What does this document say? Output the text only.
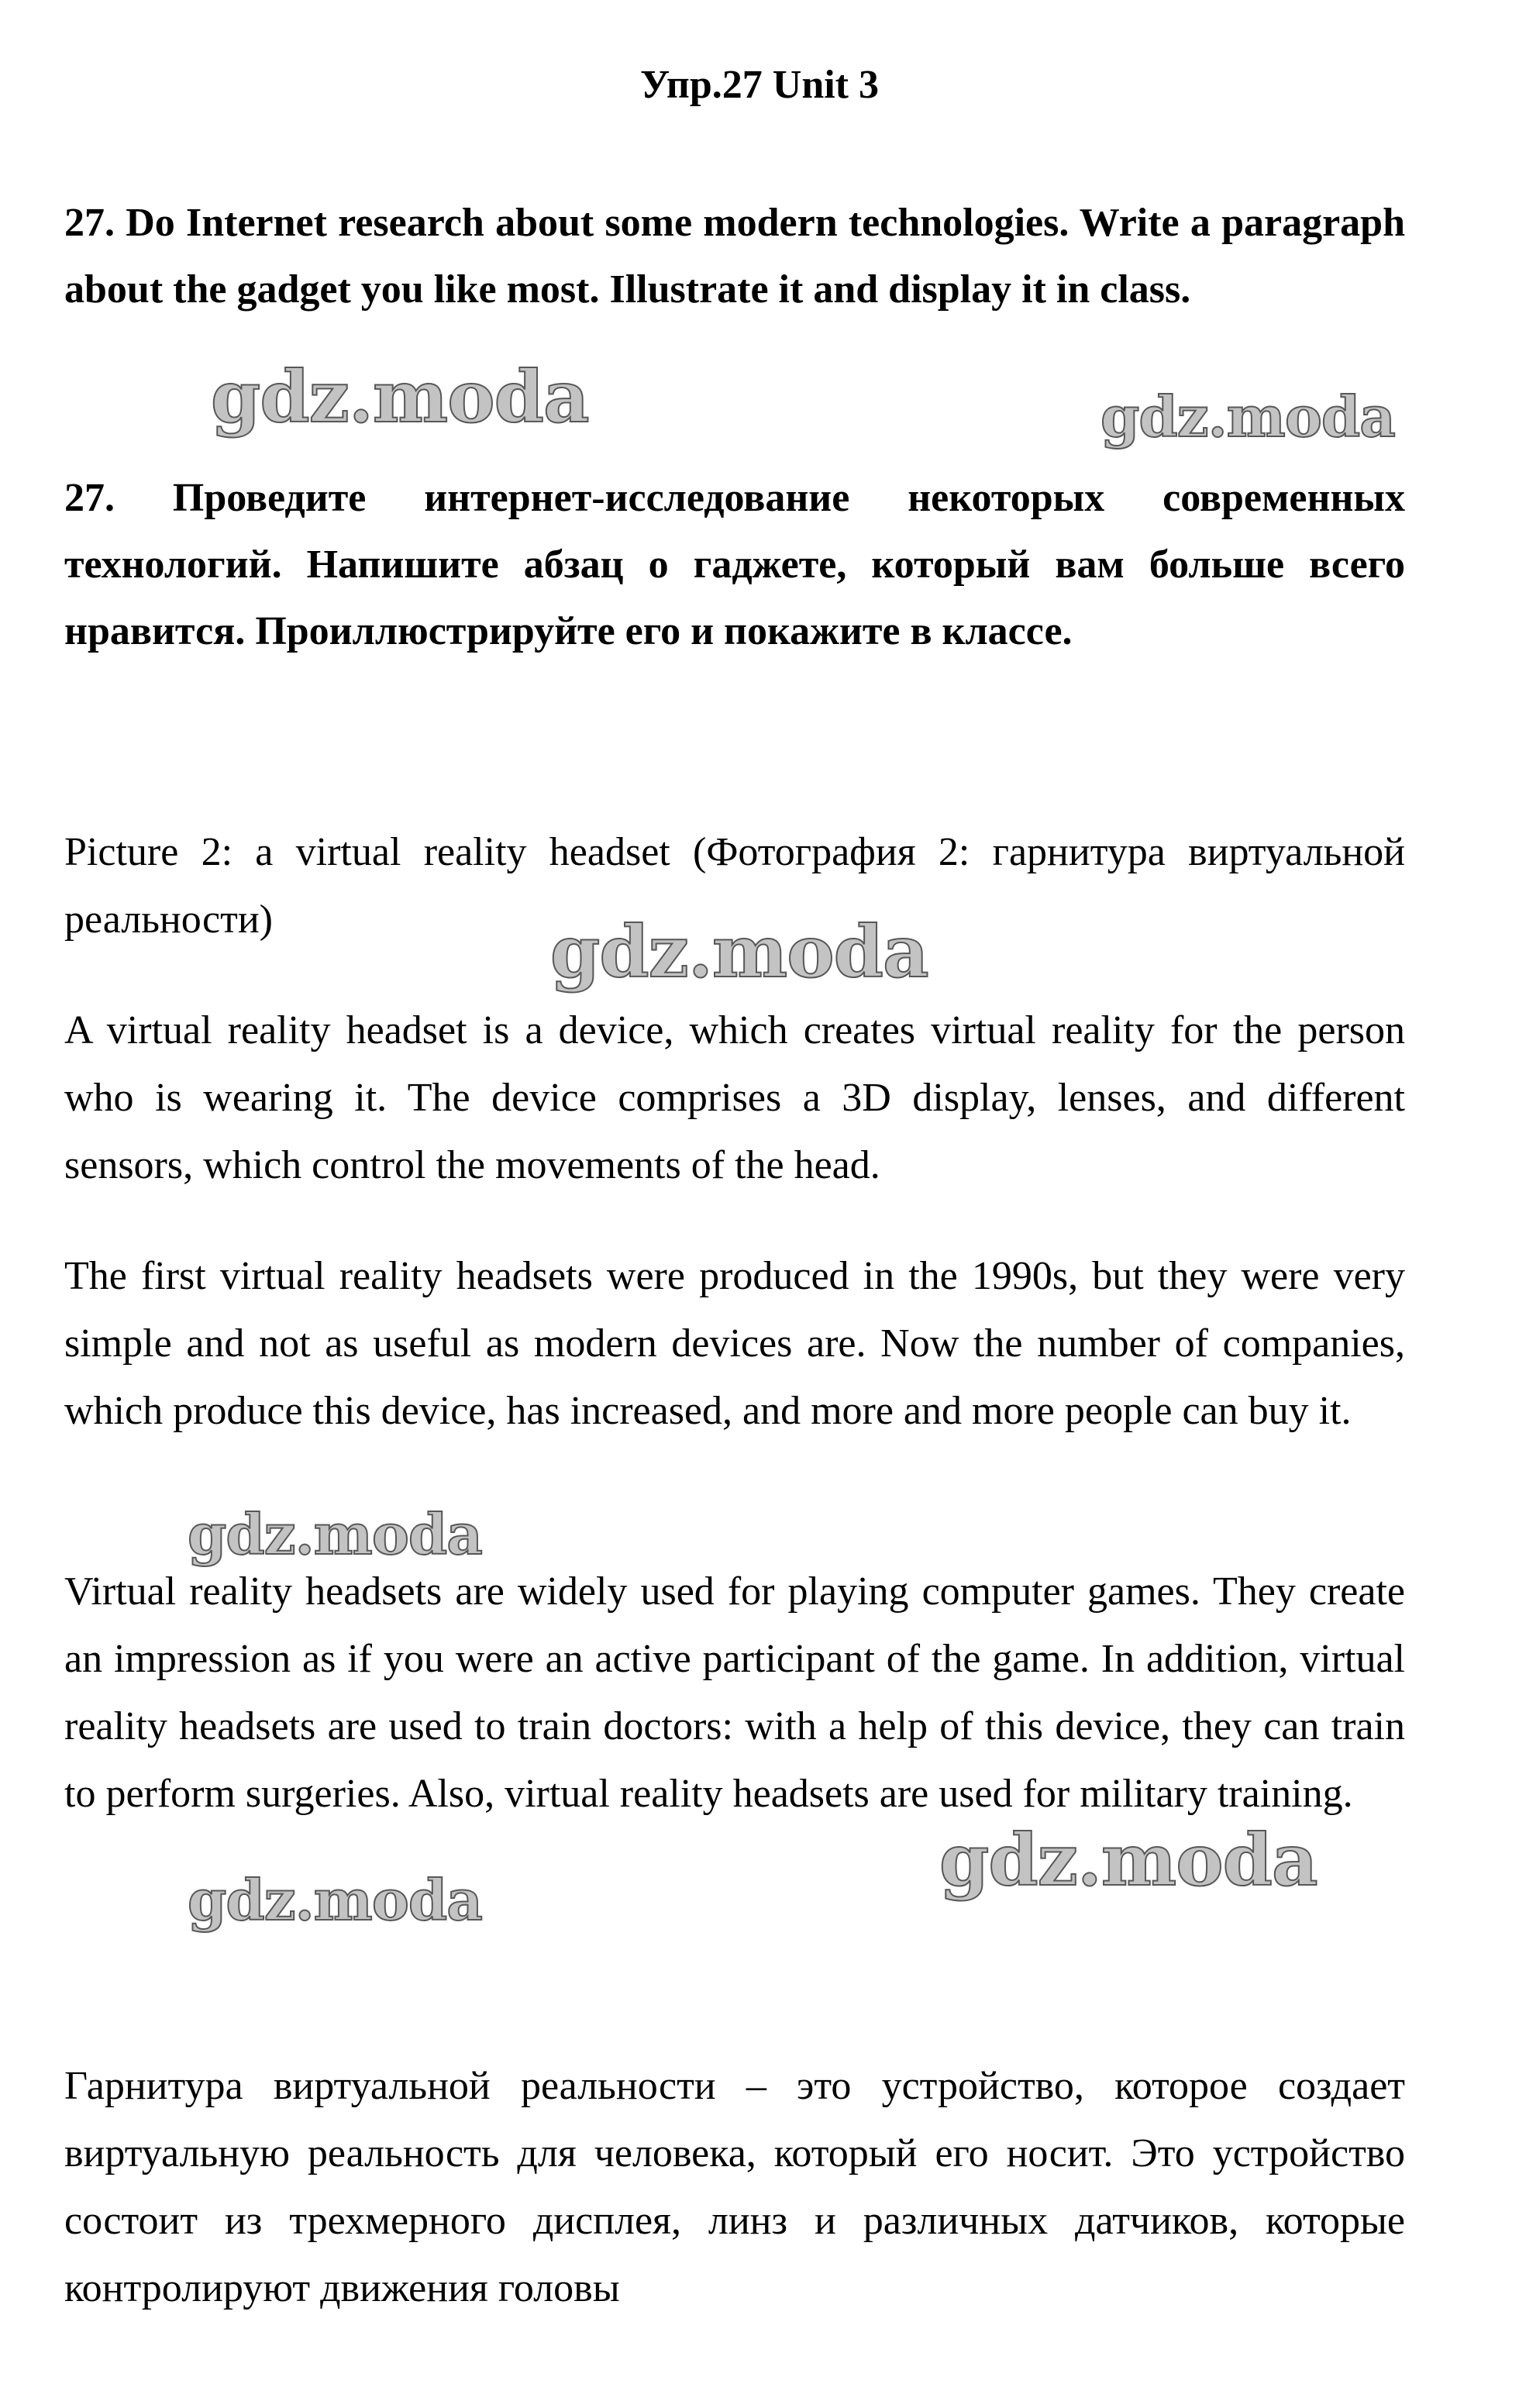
Упр.27 Unit 3

27. Do Internet research about some modern technologies. Write a paragraph about the gadget you like most. Illustrate it and display it in class.

27. Проведите интернет-исследование некоторых современных технологий. Напишите абзац о гаджете, который вам больше всего нравится. Проиллюстрируйте его и покажите в классе.

Picture 2: a virtual reality headset (Фотография 2: гарнитура виртуальной реальности)

A virtual reality headset is a device, which creates virtual reality for the person who is wearing it. The device comprises a 3D display, lenses, and different sensors, which control the movements of the head.

The first virtual reality headsets were produced in the 1990s, but they were very simple and not as useful as modern devices are. Now the number of companies, which produce this device, has increased, and more and more people can buy it.

Virtual reality headsets are widely used for playing computer games. They create an impression as if you were an active participant of the game. In addition, virtual reality headsets are used to train doctors: with a help of this device, they can train to perform surgeries. Also, virtual reality headsets are used for military training.

Гарнитура виртуальной реальности – это устройство, которое создает виртуальную реальность для человека, который его носит. Это устройство состоит из трехмерного дисплея, линз и различных датчиков, которые контролируют движения головы

gdz.moda	gdz.moda
gdz.moda
gdz.moda
gdz.moda
gdz.moda
